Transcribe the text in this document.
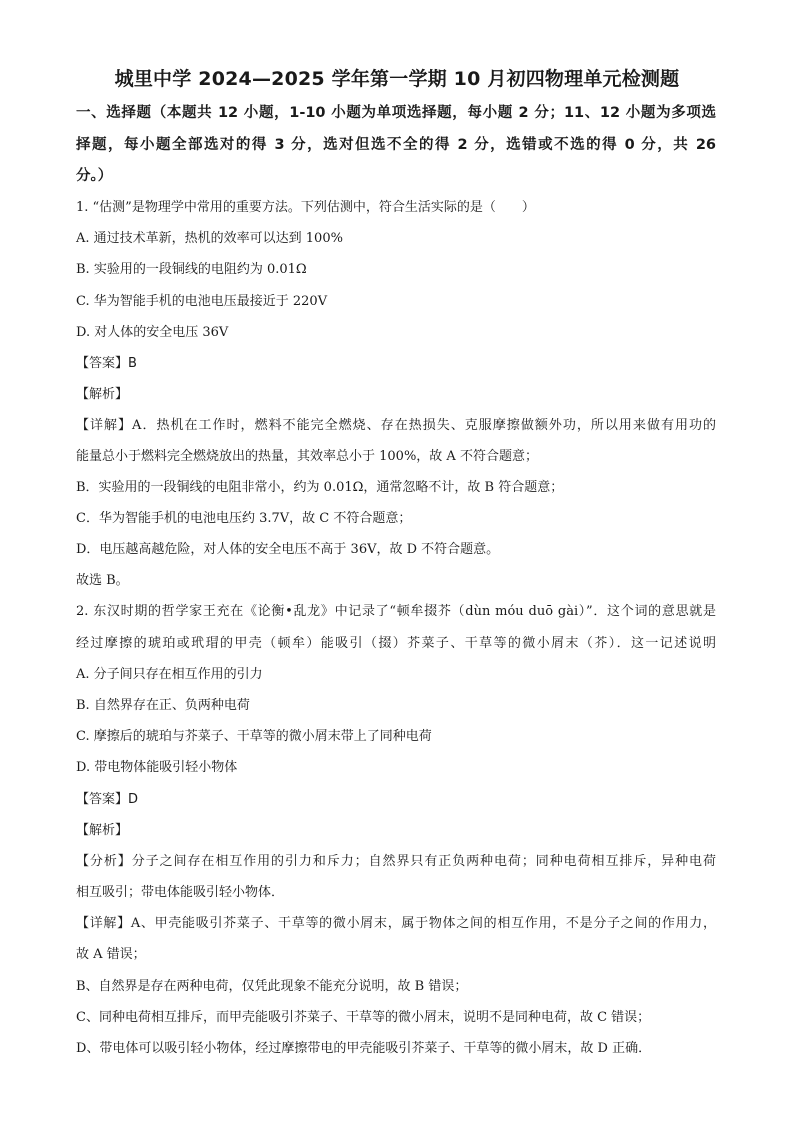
城里中学 2024—2025 学年第一学期 10 月初四物理单元检测题
一、选择题（本题共 12 小题，1-10 小题为单项选择题，每小题 2 分；11、12 小题为多项选
择题，每小题全部选对的得 3 分，选对但选不全的得 2 分，选错或不选的得 0 分，共 26
分。）
1. “估测”是物理学中常用的重要方法。下列估测中，符合生活实际的是（　　）
A. 通过技术革新，热机的效率可以达到 100%
B. 实验用的一段铜线的电阻约为 0.01Ω
C. 华为智能手机的电池电压最接近于 220V
D. 对人体的安全电压 36V
【答案】B
【解析】
【详解】A．热机在工作时，燃料不能完全燃烧、存在热损失、克服摩擦做额外功，所以用来做有用功的
能量总小于燃料完全燃烧放出的热量，其效率总小于 100%，故 A 不符合题意；
B．实验用的一段铜线的电阻非常小，约为 0.01Ω，通常忽略不计，故 B 符合题意；
C．华为智能手机的电池电压约 3.7V，故 C 不符合题意；
D．电压越高越危险，对人体的安全电压不高于 36V，故 D 不符合题意。
故选 B。
2. 东汉时期的哲学家王充在《论衡•乱龙》中记录了“顿牟掇芥（dùn móu duō gài）”．这个词的意思就是
经过摩擦的琥珀或玳瑁的甲壳（顿牟）能吸引（掇）芥菜子、干草等的微小屑末（芥）．这一记述说明
A. 分子间只存在相互作用的引力
B. 自然界存在正、负两种电荷
C. 摩擦后的琥珀与芥菜子、干草等的微小屑末带上了同种电荷
D. 带电物体能吸引轻小物体
【答案】D
【解析】
【分析】分子之间存在相互作用的引力和斥力；自然界只有正负两种电荷；同种电荷相互排斥，异种电荷
相互吸引；带电体能吸引轻小物体．
【详解】A、甲壳能吸引芥菜子、干草等的微小屑末，属于物体之间的相互作用，不是分子之间的作用力，
故 A 错误；
B、自然界是存在两种电荷，仅凭此现象不能充分说明，故 B 错误；
C、同种电荷相互排斥，而甲壳能吸引芥菜子、干草等的微小屑末，说明不是同种电荷，故 C 错误；
D、带电体可以吸引轻小物体，经过摩擦带电的甲壳能吸引芥菜子、干草等的微小屑末，故 D 正确．
